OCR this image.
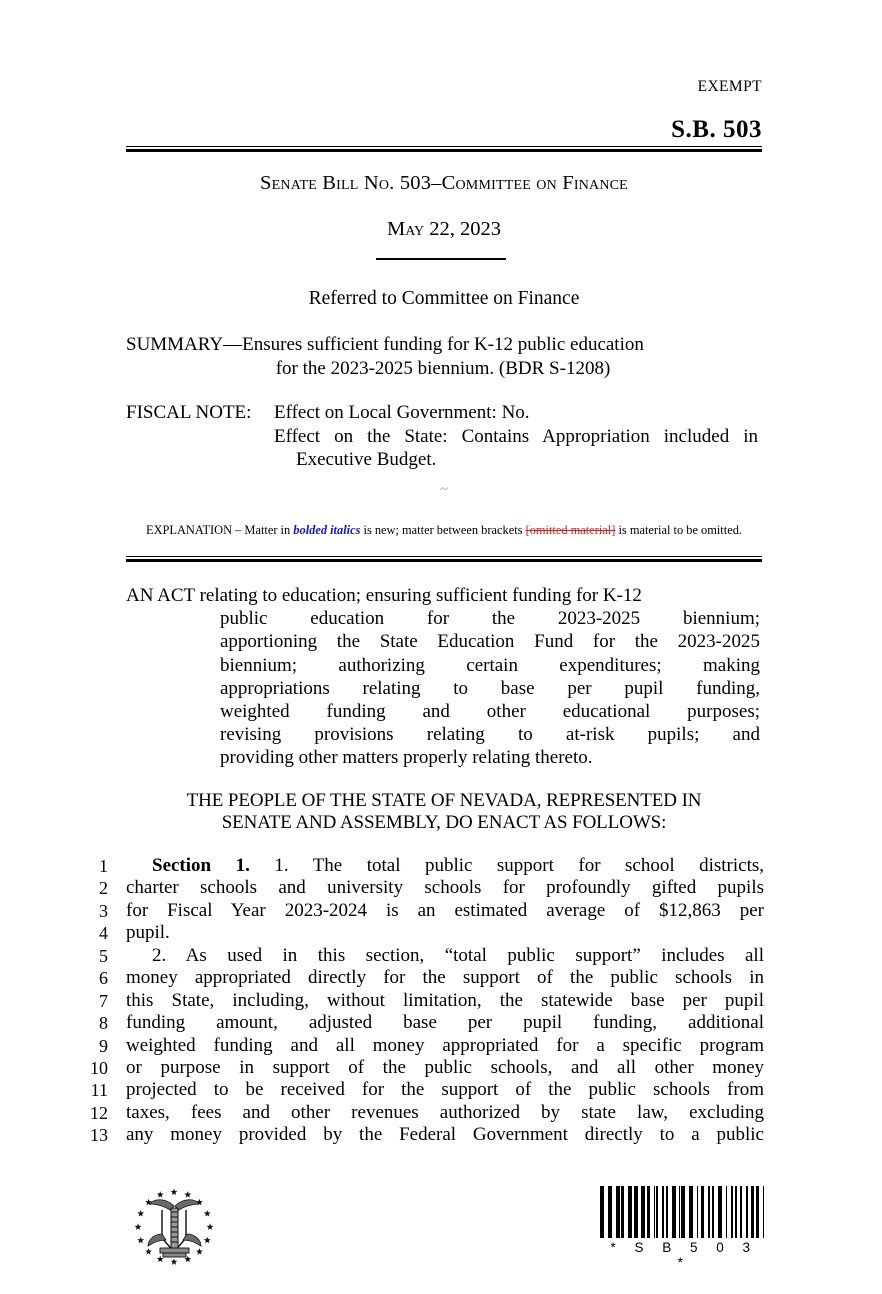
EXEMPT
S.B. 503
Senate Bill No. 503–Committee on Finance
May 22, 2023
Referred to Committee on Finance
SUMMARY—Ensures sufficient funding for K-12 public education
for the 2023-2025 biennium. (BDR S-1208)
FISCAL NOTE: Effect on Local Government: No.
Effect on the State: Contains Appropriation included in
Executive Budget.
~
EXPLANATION – Matter in bolded italics is new; matter between brackets [omitted material] is material to be omitted.
AN ACT relating to education; ensuring sufficient funding for K-12
public education for the 2023-2025 biennium;
apportioning the State Education Fund for the 2023-2025
biennium; authorizing certain expenditures; making
appropriations relating to base per pupil funding,
weighted funding and other educational purposes;
revising provisions relating to at-risk pupils; and
providing other matters properly relating thereto.
THE PEOPLE OF THE STATE OF NEVADA, REPRESENTED IN
SENATE AND ASSEMBLY, DO ENACT AS FOLLOWS:
1	Section 1. 1. The total public support for school districts,
2 charter schools and university schools for profoundly gifted pupils
3 for Fiscal Year 2023-2024 is an estimated average of $12,863 per
4 pupil.
5	2. As used in this section, “total public support” includes all
6 money appropriated directly for the support of the public schools in
7 this State, including, without limitation, the statewide base per pupil
8 funding amount, adjusted base per pupil funding, additional
9 weighted funding and all money appropriated for a specific program
10 or purpose in support of the public schools, and all other money
11 projected to be received for the support of the public schools from
12 taxes, fees and other revenues authorized by state law, excluding
13 any money provided by the Federal Government directly to a public
* S B 5 0 3 *
